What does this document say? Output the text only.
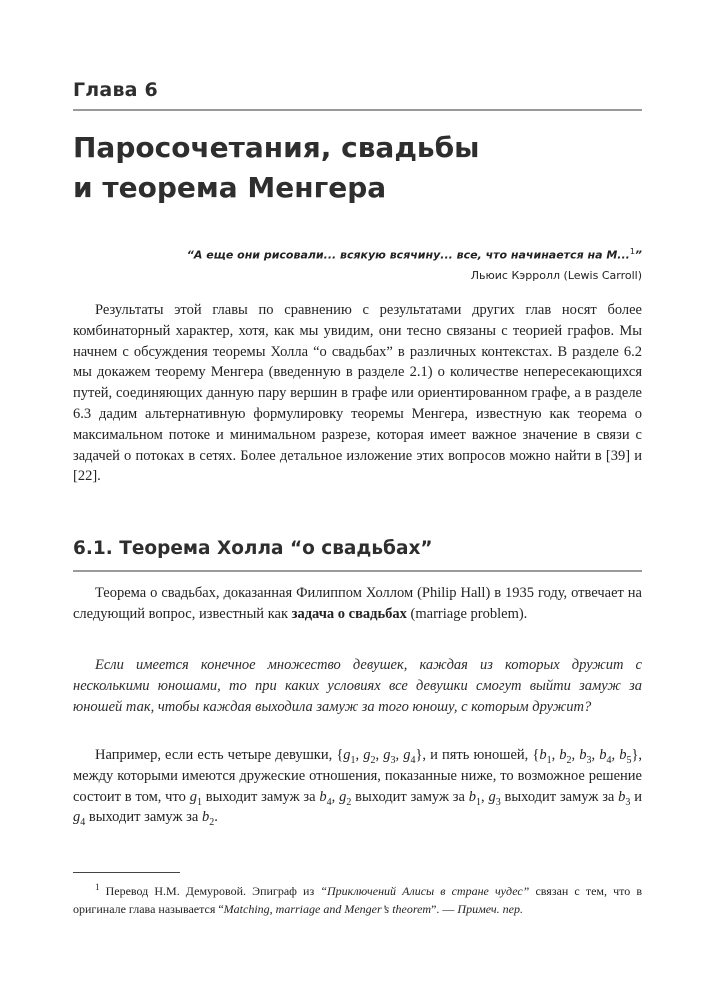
Глава 6
Паросочетания, свадьбы
и теорема Менгера
“А еще они рисовали... всякую всячину... все, что начинается на М...$^1$”
Льюис Кэрролл (Lewis Carroll)

Результаты этой главы по сравнению с результатами других глав носят более комбинаторный характер, хотя, как мы увидим, они тесно связаны с теорией графов. Мы начнем с обсуждения теоремы Холла “о свадьбах” в различных контекстах. В разделе 6.2 мы докажем теорему Менгера (введенную в разделе 2.1) о количестве непересекающихся путей, соединяющих данную пару вершин в графе или ориентированном графе, а в разделе 6.3 дадим альтернативную формулировку теоремы Менгера, известную как теорема о максимальном потоке и минимальном разрезе, которая имеет важное значение в связи с задачей о потоках в сетях. Более детальное изложение этих вопросов можно найти в [39] и [22].

6.1. Теорема Холла “о свадьбах”

Теорема о свадьбах, доказанная Филиппом Холлом (Philip Hall) в 1935 году, отвечает на следующий вопрос, известный как задача о свадьбах (marriage problem).

Если имеется конечное множество девушек, каждая из которых дружит с несколькими юношами, то при каких условиях все девушки смогут выйти замуж за юношей так, чтобы каждая выходила замуж за того юношу, с которым дружит?

Например, если есть четыре девушки, {$g_1$, $g_2$, $g_3$, $g_4$}, и пять юношей, {$b_1$, $b_2$, $b_3$, $b_4$, $b_5$}, между которыми имеются дружеские отношения, показанные ниже, то возможное решение состоит в том, что $g_1$ выходит замуж за $b_4$, $g_2$ выходит замуж за $b_1$, $g_3$ выходит замуж за $b_3$ и $g_4$ выходит замуж за $b_2$.

$^1$ Перевод Н.М. Демуровой. Эпиграф из “Приключений Алисы в стране чудес” связан с тем, что в оригинале глава называется “Matching, marriage and Menger’s theorem”. — Примеч. пер.
